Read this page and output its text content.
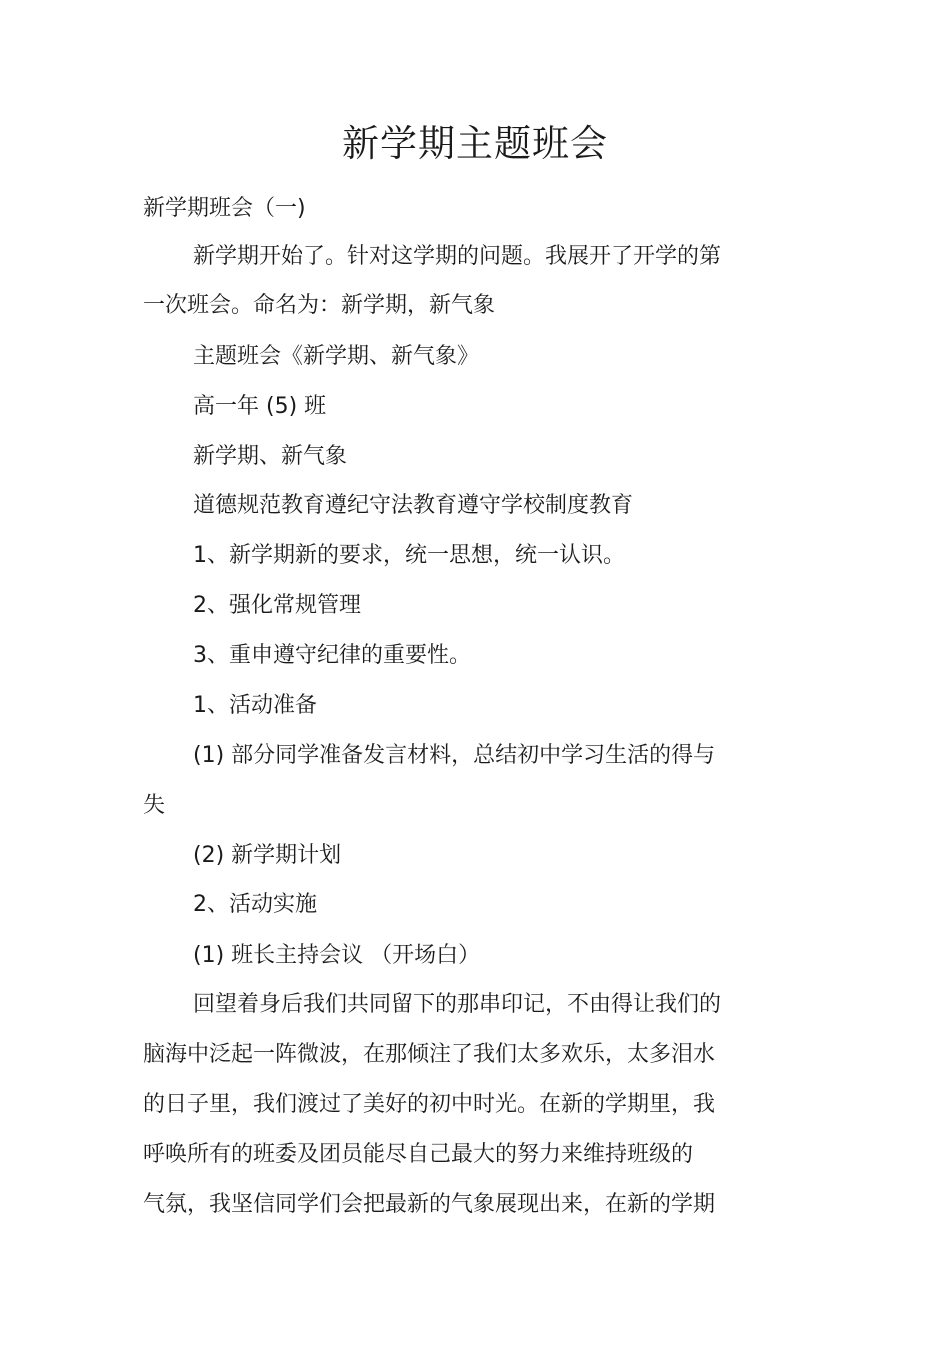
新学期主题班会

新学期班会（一)

新学期开始了。针对这学期的问题。我展开了开学的第

一次班会。命名为：新学期，新气象

主题班会《新学期、新气象》

高一年 (5) 班

新学期、新气象

道德规范教育遵纪守法教育遵守学校制度教育

1、新学期新的要求，统一思想，统一认识。

2、强化常规管理

3、重申遵守纪律的重要性。

1、活动准备

(1) 部分同学准备发言材料，总结初中学习生活的得与

失

(2) 新学期计划

2、活动实施

(1) 班长主持会议 （开场白）

回望着身后我们共同留下的那串印记，不由得让我们的

脑海中泛起一阵微波，在那倾注了我们太多欢乐，太多泪水

的日子里，我们渡过了美好的初中时光。在新的学期里，我

呼唤所有的班委及团员能尽自己最大的努力来维持班级的

气氛，我坚信同学们会把最新的气象展现出来，在新的学期
